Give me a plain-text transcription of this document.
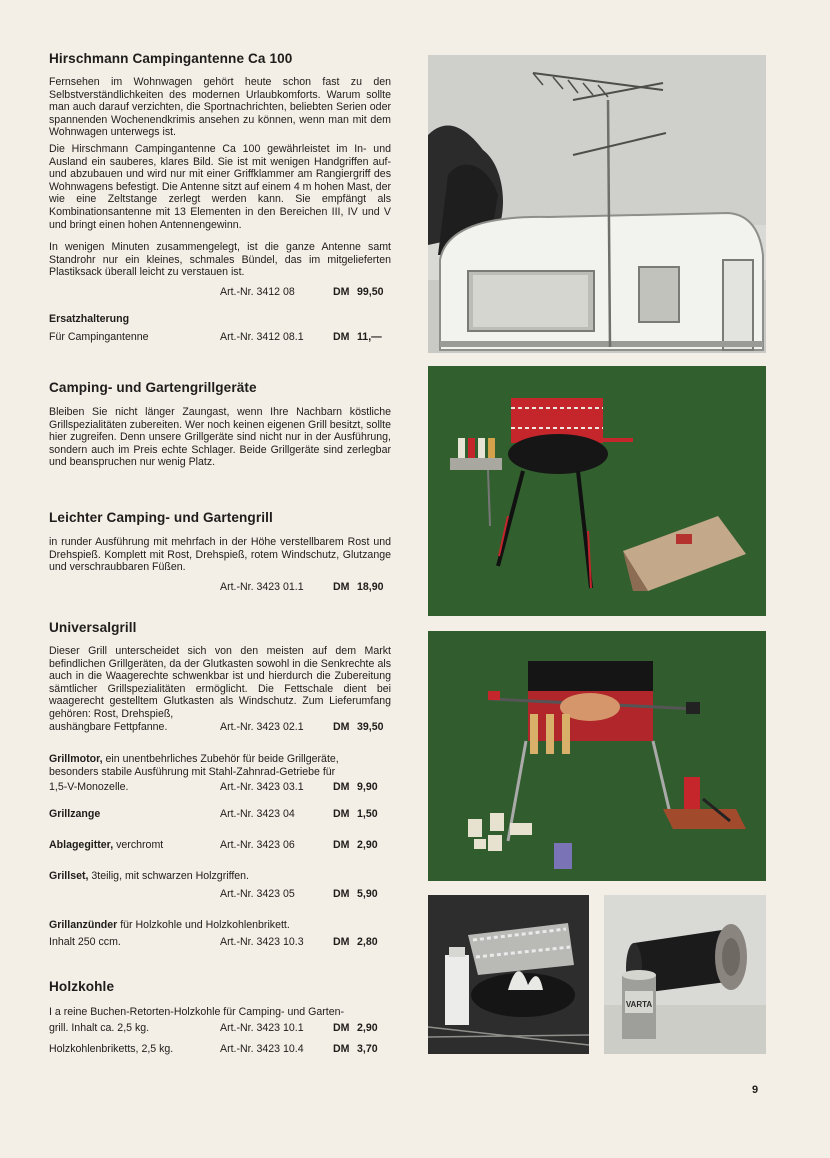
Hirschmann Campingantenne Ca 100

Fernsehen im Wohnwagen gehört heute schon fast zu den Selbstverständlichkeiten des modernen Urlaubkomforts. Warum sollte man auch darauf verzichten, die Sportnachrichten, beliebten Serien oder spannenden Wochenendkrimis ansehen zu können, wenn man mit dem Wohnwagen unterwegs ist.

Die Hirschmann Campingantenne Ca 100 gewährleistet im In- und Ausland ein sauberes, klares Bild. Sie ist mit wenigen Handgriffen auf- und abzubauen und wird nur mit einer Griffklammer am Rangiergriff des Wohnwagens befestigt. Die Antenne sitzt auf einem 4 m hohen Mast, der wie eine Zeltstange zerlegt werden kann. Sie empfängt als Kombinationsantenne mit 13 Elementen in den Bereichen III, IV und V und bringt einen hohen Antennengewinn.

In wenigen Minuten zusammengelegt, ist die ganze Antenne samt Standrohr nur ein kleines, schmales Bündel, das im mitgelieferten Plastiksack überall leicht zu verstauen ist.

Art.-Nr. 3412 08	DM 99,50
Ersatzhalterung
Für Campingantenne	Art.-Nr. 3412 08.1	DM 11,—
Camping- und Gartengrillgeräte

Bleiben Sie nicht länger Zaungast, wenn Ihre Nachbarn köstliche Grillspezialitäten zubereiten. Wer noch keinen eigenen Grill besitzt, sollte hier zugreifen. Denn unsere Grillgeräte sind nicht nur in der Ausführung, sondern auch im Preis echte Schlager. Beide Grillgeräte sind zerlegbar und beanspruchen nur wenig Platz.

Leichter Camping- und Gartengrill

in runder Ausführung mit mehrfach in der Höhe verstellbarem Rost und Drehspieß. Komplett mit Rost, Drehspieß, rotem Windschutz, Glutzange und verschraubbaren Füßen.

Art.-Nr. 3423 01.1	DM 18,90
Universalgrill

Dieser Grill unterscheidet sich von den meisten auf dem Markt befindlichen Grillgeräten, da der Glutkasten sowohl in die Senkrechte als auch in die Waagerechte schwenkbar ist und hierdurch die Zubereitung sämtlicher Grillspezialitäten ermöglicht. Die Fettschale dient bei waagerecht gestelltem Glutkasten als Windschutz. Zum Lieferumfang gehören: Rost, Drehspieß,

aushängbare Fettpfanne.	Art.-Nr. 3423 02.1	DM 39,50
Grillmotor, ein unentbehrliches Zubehör für beide Grillgeräte,
besonders stabile Ausführung mit Stahl-Zahnrad-Getriebe für
1,5-V-Monozelle.	Art.-Nr. 3423 03.1	DM 9,90
Grillzange	Art.-Nr. 3423 04	DM 1,50
Ablagegitter, verchromt	Art.-Nr. 3423 06	DM 2,90
Grillset, 3teilig, mit schwarzen Holzgriffen.
Art.-Nr. 3423 05	DM 5,90
Grillanzünder für Holzkohle und Holzkohlenbrikett.
Inhalt 250 ccm.	Art.-Nr. 3423 10.3	DM 2,80
Holzkohle
I a reine Buchen-Retorten-Holzkohle für Camping- und Garten-
grill. Inhalt ca. 2,5 kg.	Art.-Nr. 3423 10.1	DM 2,90
Holzkohlenbriketts, 2,5 kg.	Art.-Nr. 3423 10.4	DM 3,70
VARTA
9
